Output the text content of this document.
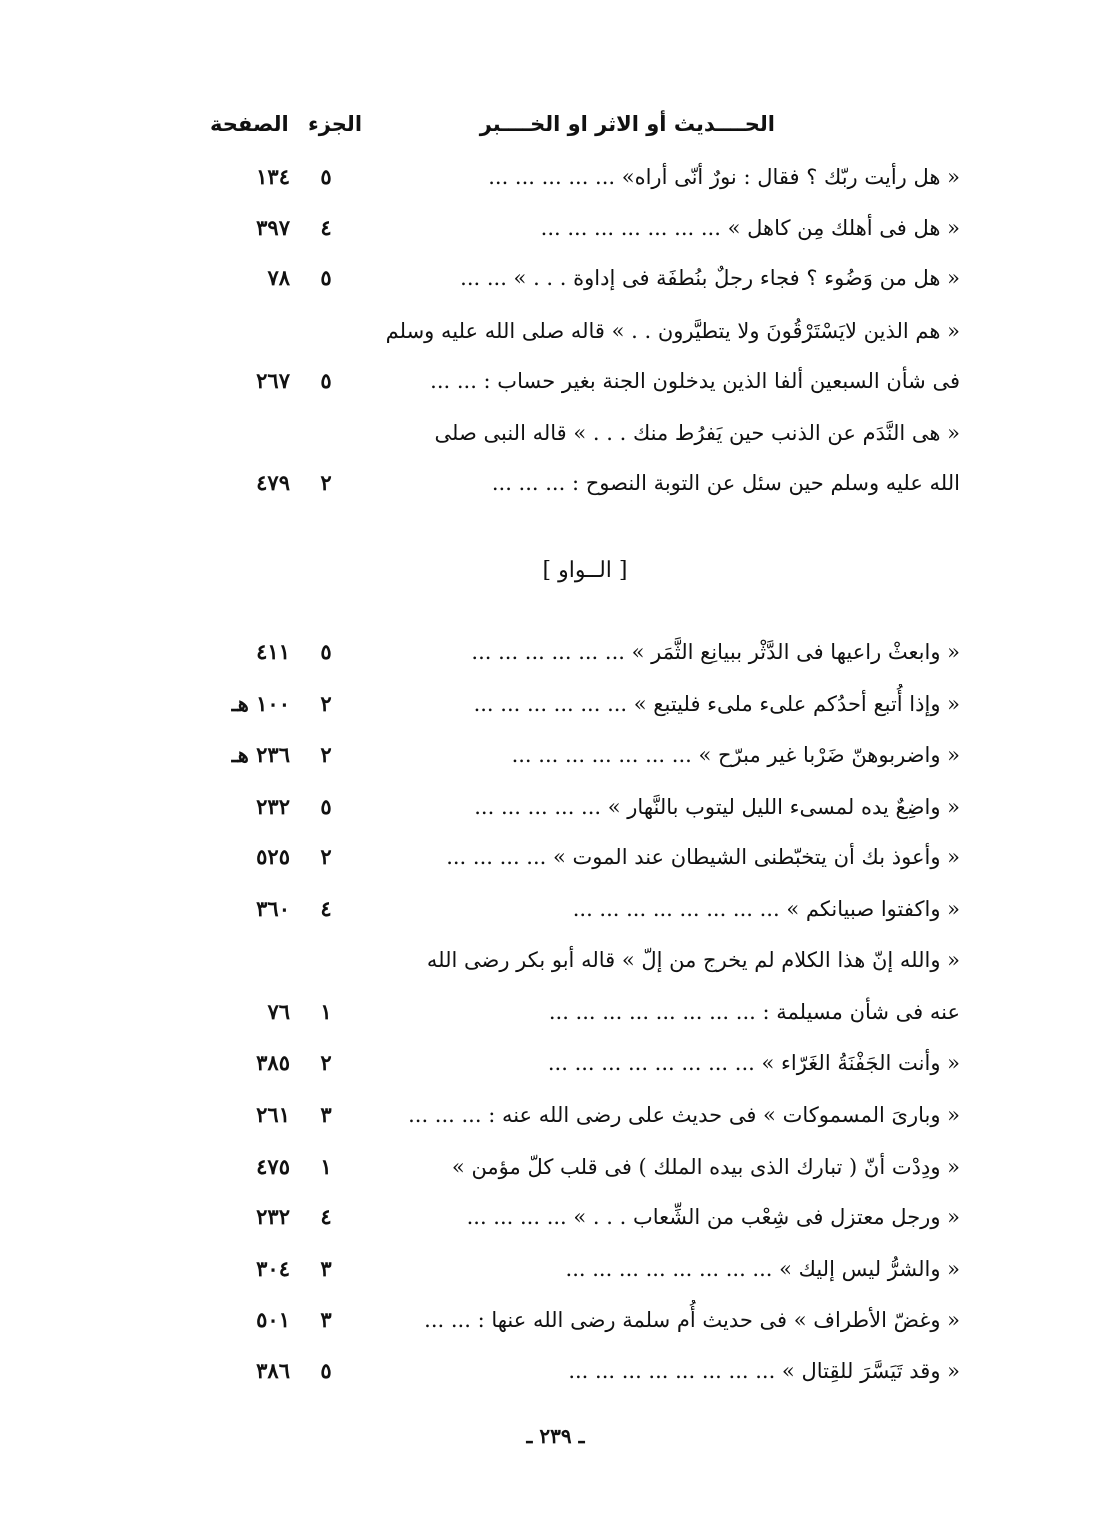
الحــــديث أو الاثر او الخــــبر
الجزء
الصفحة
« هل رأيت ربّك ؟ فقال : نورٌ أنّى أراه» ... ... ... ... ...
٥
١٣٤
« هل فى أهلك مِن كاهل » ... ... ... ... ... ... ...
٤
٣٩٧
« هل من وَضُوء ؟ فجاء رجلٌ بنُطفَة فى إداوة . . . » ... ...
٥
٧٨
« هم الذين لايَسْتَرْقُونَ ولا يتطيَّرون . . » قاله صلى الله عليه وسلم
فى شأن السبعين ألفا الذين يدخلون الجنة بغير حساب : ... ...
٥
٢٦٧
« هى النَّدَم عن الذنب حين يَفرُط منك . . . » قاله النبى صلى
الله عليه وسلم حين سئل عن التوبة النصوح : ... ... ...
٢
٤٧٩
[ الــواو ]
« وابعثْ راعيها فى الدَّثْر ببيانِع الثَّمَر » ... ... ... ... ... ...
٥
٤١١
« وإذا أُتبع أحدُكم علىء ملىء فليتبع » ... ... ... ... ... ...
٢
١٠٠ هـ
« واضربوهنّ ضَرْبا غير مبرّح » ... ... ... ... ... ... ...
٢
٢٣٦ هـ
« واضِعٌ يده لمسىء الليل ليتوب بالنَّهار » ... ... ... ... ...
٥
٢٣٢
« وأعوذ بك أن يتخبّطنى الشيطان عند الموت » ... ... ... ...
٢
٥٢٥
« واكفتوا صبيانكم » ... ... ... ... ... ... ... ...
٤
٣٦٠
« والله إنّ هذا الكلام لم يخرج من إلّ » قاله أبو بكر رضى الله
عنه فى شأن مسيلمة : ... ... ... ... ... ... ... ...
١
٧٦
« وأنت الجَفْنَةُ الغَرّاء » ... ... ... ... ... ... ... ...
٢
٣٨٥
« وبارىَ المسموكات » فى حديث على رضى الله عنه : ... ... ...
٣
٢٦١
« ودِدْت أنّ ( تبارك الذى بيده الملك ) فى قلب كلّ مؤمن »
١
٤٧٥
« ورجل معتزل فى شِعْب من الشِّعاب . . . » ... ... ... ...
٤
٢٣٢
« والشرُّ ليس إليك » ... ... ... ... ... ... ... ...
٣
٣٠٤
« وغضّ الأطراف » فى حديث أُم سلمة رضى الله عنها : ... ...
٣
٥٠١
« وقد تَيَسَّرَ للقِتال » ... ... ... ... ... ... ... ...
٥
٣٨٦
ـ ٢٣٩ ـ
